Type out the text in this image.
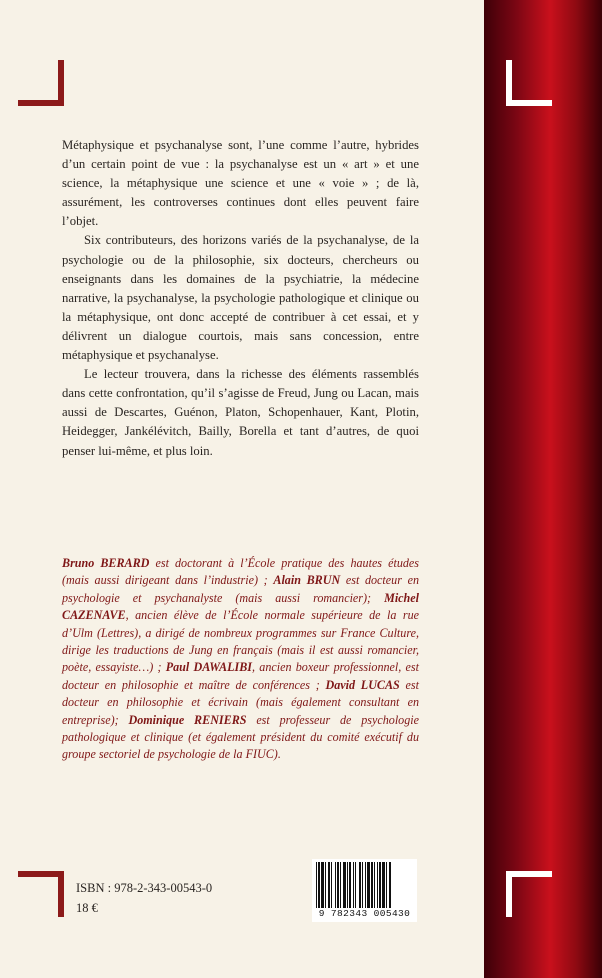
Métaphysique et psychanalyse sont, l’une comme l’autre, hybrides d’un certain point de vue : la psychanalyse est un « art » et une science, la métaphysique une science et une « voie » ; de là, assurément, les controverses continues dont elles peuvent faire l’objet.

Six contributeurs, des horizons variés de la psychanalyse, de la psychologie ou de la philosophie, six docteurs, chercheurs ou enseignants dans les domaines de la psychiatrie, la médecine narrative, la psychanalyse, la psychologie pathologique et clinique ou la métaphysique, ont donc accepté de contribuer à cet essai, et y délivrent un dialogue courtois, mais sans concession, entre métaphysique et psychanalyse.

Le lecteur trouvera, dans la richesse des éléments rassemblés dans cette confrontation, qu’il s’agisse de Freud, Jung ou Lacan, mais aussi de Descartes, Guénon, Platon, Schopenhauer, Kant, Plotin, Heidegger, Jankélévitch, Bailly, Borella et tant d’autres, de quoi penser lui-même, et plus loin.

Bruno BERARD est doctorant à l’École pratique des hautes études (mais aussi dirigeant dans l’industrie) ; Alain BRUN est docteur en psychologie et psychanalyste (mais aussi romancier); Michel CAZENAVE, ancien élève de l’École normale supérieure de la rue d’Ulm (Lettres), a dirigé de nombreux programmes sur France Culture, dirige les traductions de Jung en français (mais il est aussi romancier, poète, essayiste…) ; Paul DAWALIBI, ancien boxeur professionnel, est docteur en philosophie et maître de conférences ; David LUCAS est docteur en philosophie et écrivain (mais également consultant en entreprise); Dominique RENIERS est professeur de psychologie pathologique et clinique (et également président du comité exécutif du groupe sectoriel de psychologie de la FIUC).
ISBN : 978-2-343-00543-0
18 €	9 782343 005430
